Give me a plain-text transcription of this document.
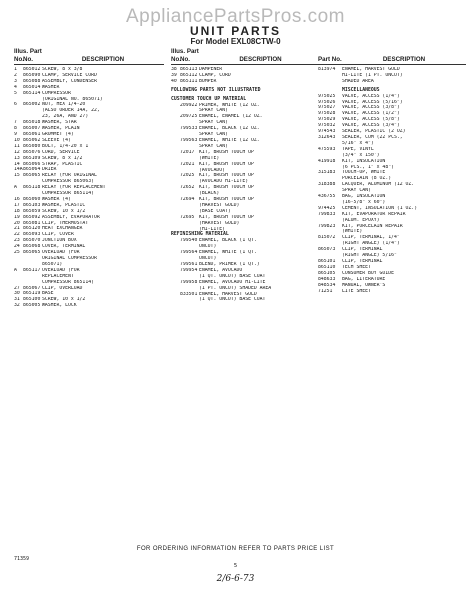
AppliancePartsPros.com
UNIT PARTS
For Model EXL08CTW-0
Illus. Part
No. No.	DESCRIPTION
1	865012 SCREW, 8 x 3/8
2	865090 CLAMP, SERVICE CORD
3	865088 ASSEMBLY, CONDENSER
4	865014 WASHER
5	865114 COMPRESSOR
(ORIGINAL NO. 865071)
6	865002 NUT, HEX 1/4-20
(ALSO ORDER 14A, 22,
23, 26A, AND 27)
7	865018 WASHER, STAR
8	865007 WASHER, PLAIN
9	865061 GROMMET (4)
10 865062 SLEEVE (4)
11 865080 BOLT, 1/4-20 x 1
12 865076 CORD, SERVICE
13 865109 SCREW, 8 x 1/2
14 865066 STRAP, PLASTIC
14A 865064 DRIER
15 865065 RELAY (FOR ORIGINAL
COMPRESSOR 865063)
A	865118 RELAY (FOR REPLACEMENT
COMPRESSOR 865114)
16 865060 WASHER (4)
17 865103 WASHER, PLASTIC
18 865059 SCREW, 10 x 1/2
19 865092 ASSEMBLY, EVAPORATOR
20 865081 CLIP, THERMOSTAT
21 865120 HEAT EXCHANGER
22 865093 CLIP, COVER
23 865070 JUNCTION BOX
24 865068 COVER, TERMINAL
25 865065 OVERLOAD (FOR
ORIGINAL COMPRESSOR
865071)
A	865117 OVERLOAD (FOR
REPLACEMENT
COMPRESSOR 865114)
27 865067 CLIP, OVERLOAD
30 865119 BASE
31 865100 SCREW, 10 x 1/2
32 865005 WASHER, LOCK
Illus. Part
No. No.	DESCRIPTION
38 865113 DAMPENER
39 865112 CLAMP, CORD
40 865111 BUMPER
FOLLOWING PARTS NOT ILLUSTRATED
CUSTOMER TOUCH UP MATERIAL
209922 PRIMER, WHITE (12 OZ.
SPRAY CAN)
209725 ENAMEL, ENAMEL (12 OZ.
SPRAY CAN)
799533 ENAMEL, BLACK (12 OZ.
SPRAY CAN)
799563 ENAMEL, WHITE (12 OZ.
SPRAY CAN)
72017 KIT, BRUSH TOUCH UP
(WHITE)
72021 KIT, BRUSH TOUCH UP
(AVOCADO)
72025 KIT, BRUSH TOUCH UP
(AVOCADO HI-LITE)
72652 KIT, BRUSH TOUCH UP
(BLACK)
72694 KIT, BRUSH TOUCH UP
(HARVEST GOLD)
(BASE COAT)
72695 KIT, BRUSH TOUCH UP
(HARVEST GOLD)
(HI-LITE)
REFINISHING MATERIAL
799540 ENAMEL, BLACK (1 QT.
UNCUT)
799564 ENAMEL, WHITE (1 QT.
UNCUT)
799561 BLEND, PRIMER (1 QT.)
799954 ENAMEL, AVOCADO
(1 QT. UNCUT) BASE COAT
799958 ENAMEL, AVOCADO HI-LITE
(1 PT. UNCUT) SHADED AREA
833501 ENAMEL, HARVEST GOLD
(1 QT. UNCUT) BASE COAT

Part No.	DESCRIPTION
813974	ENAMEL, HARVEST GOLD
HI-LITE (1 PT. UNCUT)
SHADED AREA
MISCELLANEOUS
975025	VALVE, ACCESS (1/4")
975026	VALVE, ACCESS (5/16")
975027	VALVE, ACCESS (3/8")
975028	VALVE, ACCESS (1/2")
975029	VALVE, ACCESS (5/8")
975032	VALVE, ACCESS (3/4")
974543	SEALER, PLASTIC (2 OZ)
312643	SEALER, CUM (22 PCS.,
5/16" x 4")
475593	TAPE, VINYL
(3/4" x 150')
419918	KIT, INSULATION
(6 PCS., 1" x 48")
315183	TOUCH-UP, WHITE
PORCELAIN (8 OZ.)
318388	LACQUER, ALUMINUM (12 OZ.
SPRAY CAN)
436755	BAG, INSULATION
(16-5/8" x 60")
974425	CEMENT, INSULATION (1 OZ.)
799833	KIT, EVAPORATOR REPAIR
(ALUM. EPOXY)
799823	KIT, PORCELAIN REPAIR
(WHITE)
815072	CLIP, TERMINAL, 1/4"
(RIGHT ANGLE) (1/4")
865073	CLIP, TERMINAL
(RIGHT ANGLE) 5/16"
865101	CLIP, TERMINAL
865110	TECH SHEET
865105	CONSUMER BUY GUIDE
848633	BAG, LITERATURE
848534	MANUAL, OWNER'S
71251	LITE SHEET
FOR ORDERING INFORMATION REFER TO PARTS PRICE LIST
71359
5
2/6-6-73
